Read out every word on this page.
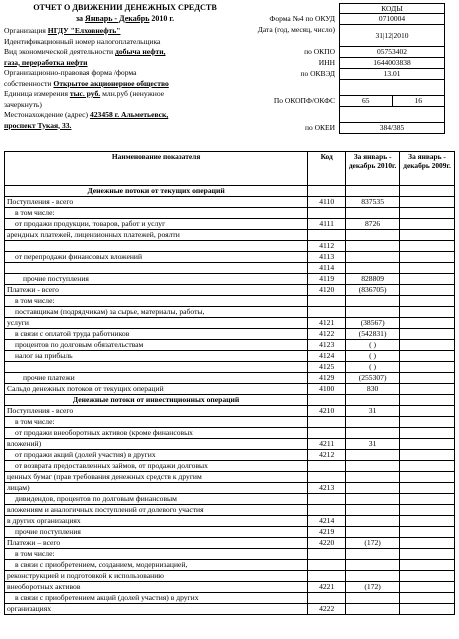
ОТЧЕТ О ДВИЖЕНИИ ДЕНЕЖНЫХ СРЕДСТВ
за Январь - Декабрь 2010 г.
КОДЫ
Форма №4 по ОКУД	0710004
Дата (год, месяц, число)
31|12|2010
по ОКПО	05753402
ИНН	1644003838
по ОКВЭД	13.01
По ОКОПФ/ОКФС	65	16
по ОКЕИ	384/385
Организация НГДУ "Елховнефть"
Идентификационный номер налогоплательщика
Вид экономической деятельности добыча нефти,
газа, переработка нефти
Организационно-правовая форма /форма
собственности Открытое акционерное общество
Единица измерения тыс. руб. млн.руб (ненужное
зачеркнуть)
Местонахождение (адрес) 423458 г. Альметьевск,
проспект Тукая, 33.
Наименование показателя	Код	За январь - декабрь 2010г.	За январь - декабрь 2009г.
Денежные потоки от текущих операций			
Поступления - всего	4110	837535	
в том числе:			
от продажи продукции, товаров, работ и услуг	4111	8726	
арендных платежей, лицензионных платежей, роялти			
	4112		
от перепродажи финансовых вложений	4113		
	4114		
прочие поступления	4119	828809	
Платежи - всего	4120	(836705)	
в том числе:			
поставщикам (подрядчикам) за сырье, материалы, работы,			
услуги	4121	(38567)	
в связи с оплатой труда работников	4122	(542831)	
процентов по долговым обязательствам	4123	( )	
налог на прибыль	4124	( )	
	4125	( )	
прочие платежи	4129	(255307)	
Сальдо денежных потоков от текущих операций	4100	830	
Денежные потоки от инвестиционных операций			
Поступления - всего	4210	31	
в том числе:			
от продажи внеоборотных активов (кроме финансовых			
вложений)	4211	31	
от продажи акций (долей участия) в других	4212		
от возврата предоставленных займов, от продажи долговых			
ценных бумаг (прав требования денежных средств к другим			
лицам)	4213		
дивидендов, процентов по долговым финансовым			
вложениям и аналогичных поступлений от долевого участия			
в других организациях	4214		
прочие поступления	4219		
Платежи – всего	4220	(172)	
в том числе:			
в связи с приобретением, созданием, модернизацией,			
реконструкцией и подготовкой к использованию			
внеоборотных активов	4221	(172)	
в связи с приобретением акций (долей участия) в других			
организациях	4222		
